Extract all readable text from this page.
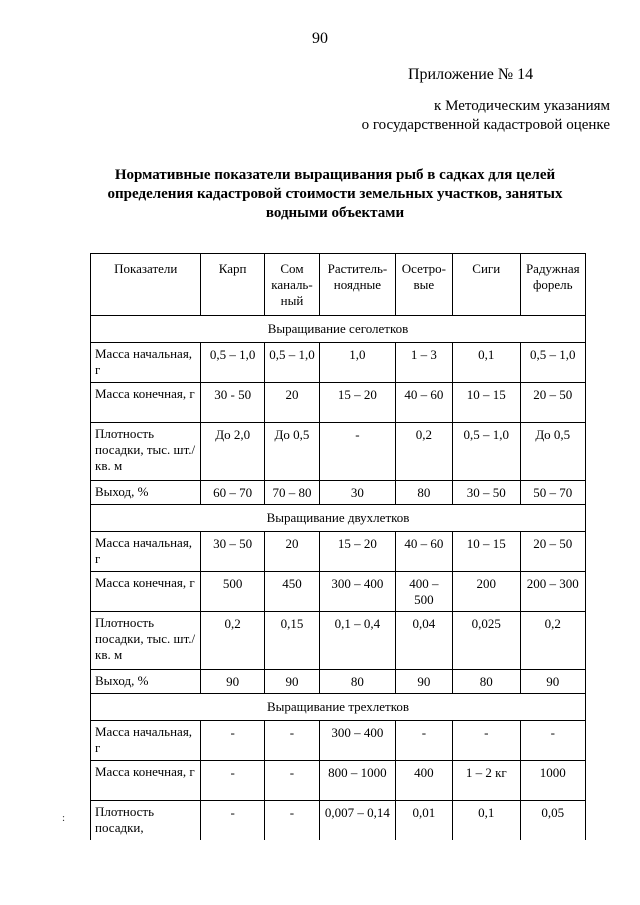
90
Приложение № 14
к Методическим указаниям
о государственной кадастровой оценке
Нормативные показатели выращивания рыб в садках для целей определения кадастровой стоимости земельных участков, занятых водными объектами
:
Показатели	Карп	Сом каналь-ный	Раститель-ноядные	Осетро-вые	Сиги	Радужная форель
Выращивание сеголетков						
Масса начальная, г	0,5 – 1,0	0,5 – 1,0	1,0	1 – 3	0,1	0,5 – 1,0
Масса конечная, г	30 - 50	20	15 – 20	40 – 60	10 – 15	20 – 50
Плотность посадки, тыс. шт./кв. м	До 2,0	До 0,5	-	0,2	0,5 – 1,0	До 0,5
Выход, %	60 – 70	70 – 80	30	80	30 – 50	50 – 70
Выращивание двухлетков						
Масса начальная, г	30 – 50	20	15 – 20	40 – 60	10 – 15	20 – 50
Масса конечная, г	500	450	300 – 400	400 – 500	200	200 – 300
Плотность посадки, тыс. шт./кв. м	0,2	0,15	0,1 – 0,4	0,04	0,025	0,2
Выход, %	90	90	80	90	80	90
Выращивание трехлетков						
Масса начальная, г	-	-	300 – 400	-	-	-
Масса конечная, г	-	-	800 – 1000	400	1 – 2 кг	1000
Плотность посадки,	-	-	0,007 – 0,14	0,01	0,1	0,05
